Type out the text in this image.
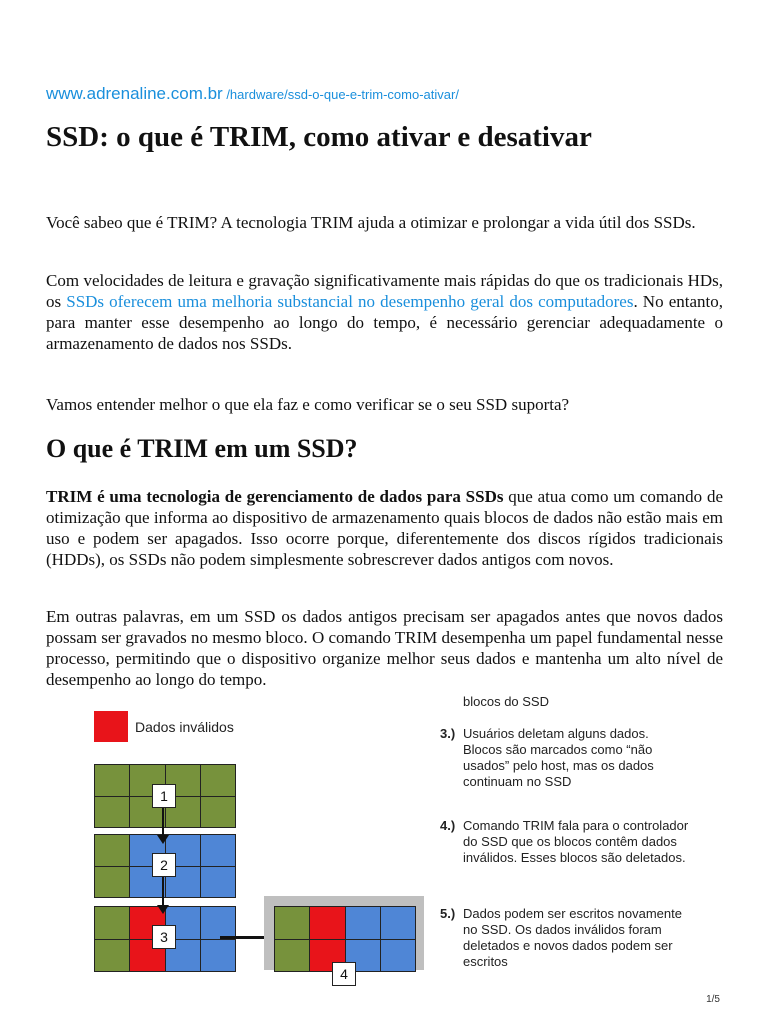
www.adrenaline.com.br /hardware/ssd-o-que-e-trim-como-ativar/
SSD: o que é TRIM, como ativar e desativar

Você sabeo que é TRIM? A tecnologia TRIM ajuda a otimizar e prolongar a vida útil dos SSDs.

Com velocidades de leitura e gravação significativamente mais rápidas do que os tradicionais HDs, os SSDs oferecem uma melhoria substancial no desempenho geral dos computadores. No entanto, para manter esse desempenho ao longo do tempo, é necessário gerenciar adequadamente o armazenamento de dados nos SSDs.

Vamos entender melhor o que ela faz e como verificar se o seu SSD suporta?

O que é TRIM em um SSD?

TRIM é uma tecnologia de gerenciamento de dados para SSDs que atua como um comando de otimização que informa ao dispositivo de armazenamento quais blocos de dados não estão mais em uso e podem ser apagados. Isso ocorre porque, diferentemente dos discos rígidos tradicionais (HDDs), os SSDs não podem simplesmente sobrescrever dados antigos com novos.

Em outras palavras, em um SSD os dados antigos precisam ser apagados antes que novos dados possam ser gravados no mesmo bloco. O comando TRIM desempenha um papel fundamental nesse processo, permitindo que o dispositivo organize melhor seus dados e mantenha um alto nível de desempenho ao longo do tempo.

Dados inválidos
1
2
3
4
blocos do SSD
3.) Usuários deletam alguns dados. Blocos são marcados como “não usados” pelo host, mas os dados continuam no SSD
4.) Comando TRIM fala para o controlador do SSD que os blocos contêm dados inválidos. Esses blocos são deletados.
5.) Dados podem ser escritos novamente no SSD. Os dados inválidos foram deletados e novos dados podem ser escritos
1/5
